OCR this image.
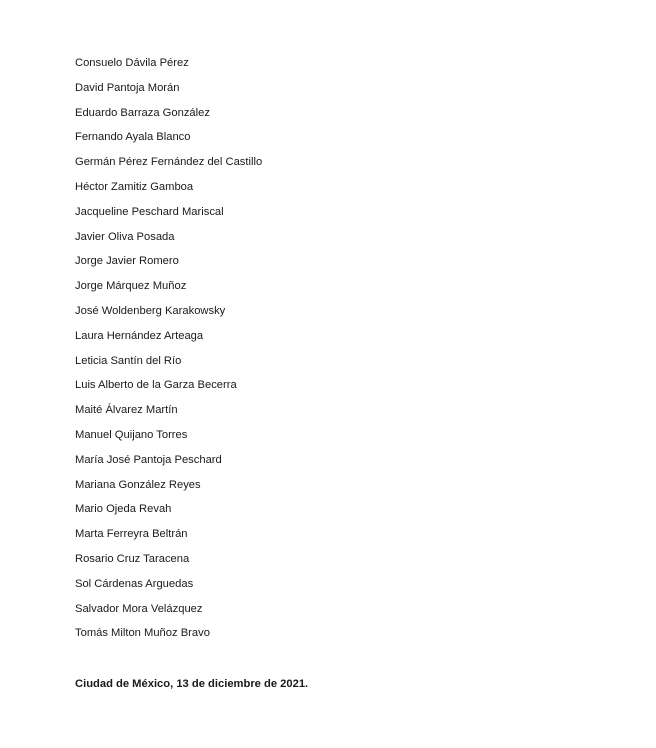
Consuelo Dávila Pérez
David Pantoja Morán
Eduardo Barraza González
Fernando Ayala Blanco
Germán Pérez Fernández del Castillo
Héctor Zamitiz Gamboa
Jacqueline Peschard Mariscal
Javier Oliva Posada
Jorge Javier Romero
Jorge Márquez Muñoz
José Woldenberg Karakowsky
Laura Hernández Arteaga
Leticia Santín del Río
Luis Alberto de la Garza Becerra
Maité Álvarez Martín
Manuel Quijano Torres
María José Pantoja Peschard
Mariana González Reyes
Mario Ojeda Revah
Marta Ferreyra Beltrán
Rosario Cruz Taracena
Sol Cárdenas Arguedas
Salvador Mora Velázquez
Tomás Milton Muñoz Bravo
Ciudad de México, 13 de diciembre de 2021.
